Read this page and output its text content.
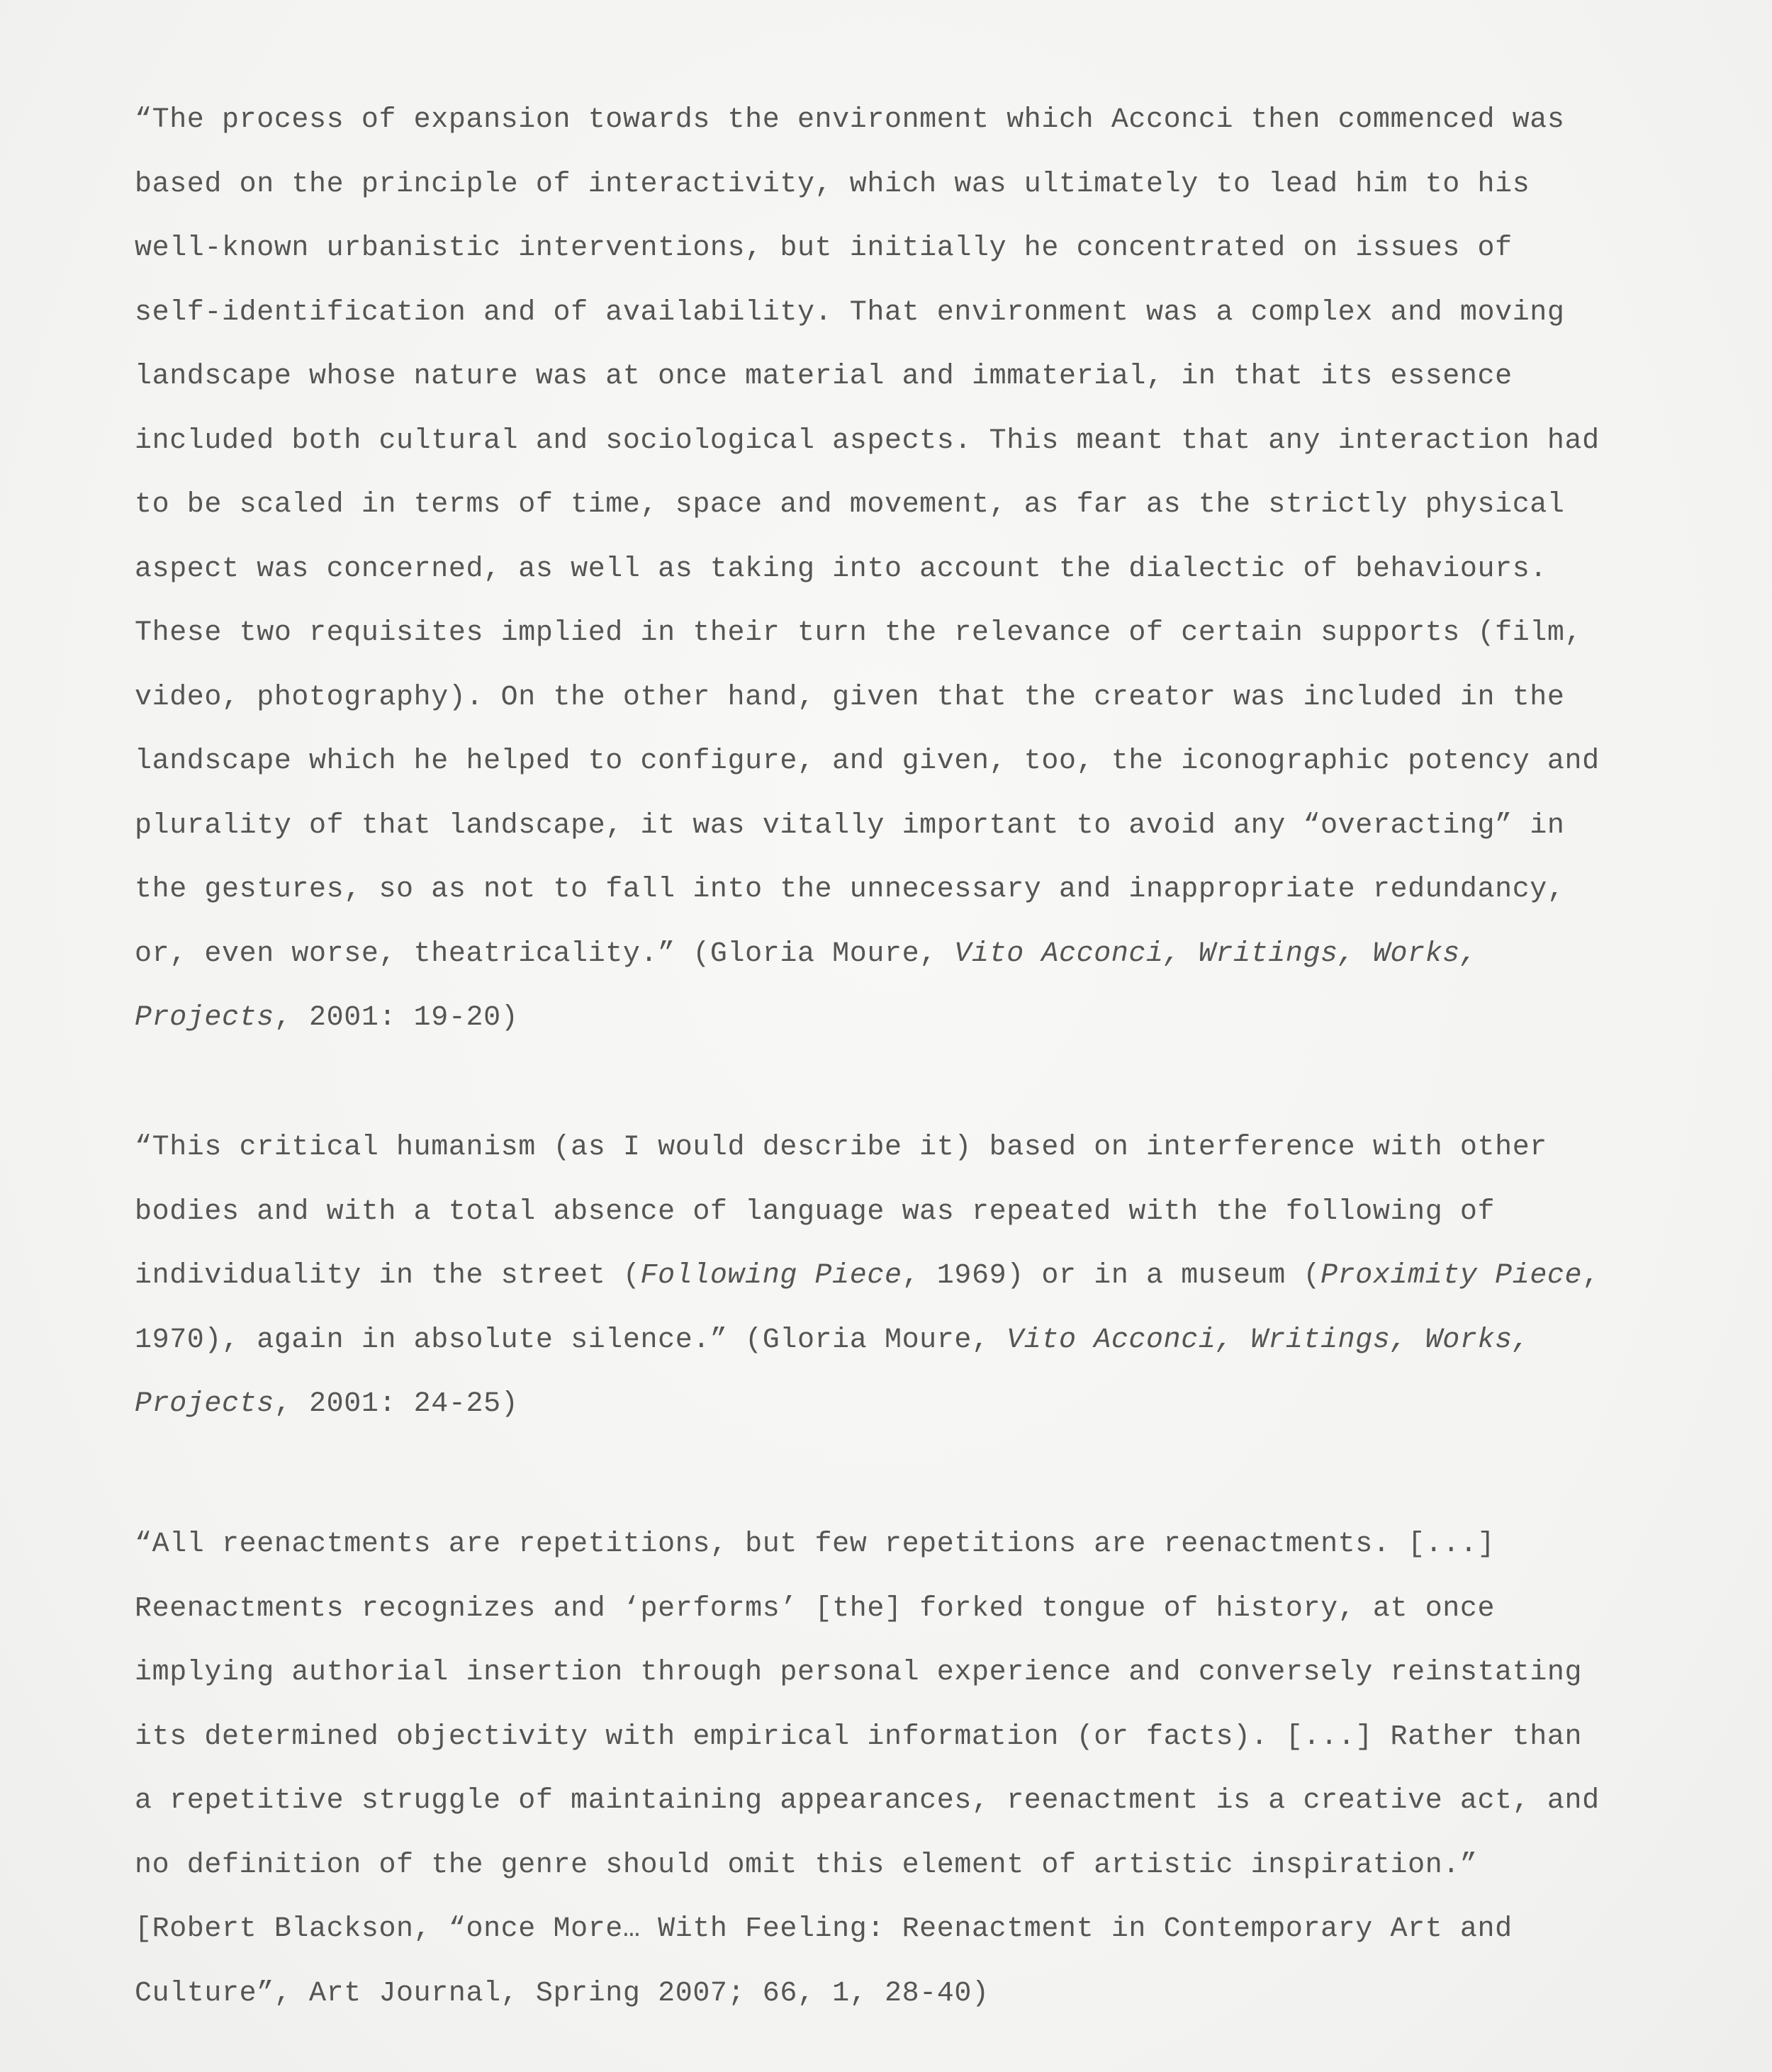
“The process of expansion towards the environment which Acconci then commenced was
based on the principle of interactivity, which was ultimately to lead him to his
well-known urbanistic interventions, but initially he concentrated on issues of
self-identification and of availability. That environment was a complex and moving
landscape whose nature was at once material and immaterial, in that its essence
included both cultural and sociological aspects. This meant that any interaction had
to be scaled in terms of time, space and movement, as far as the strictly physical
aspect was concerned, as well as taking into account the dialectic of behaviours.
These two requisites implied in their turn the relevance of certain supports (film,
video, photography). On the other hand, given that the creator was included in the
landscape which he helped to configure, and given, too, the iconographic potency and
plurality of that landscape, it was vitally important to avoid any “overacting” in
the gestures, so as not to fall into the unnecessary and inappropriate redundancy,
or, even worse, theatricality.” (Gloria Moure, Vito Acconci, Writings, Works,
Projects, 2001: 19-20)
“This critical humanism (as I would describe it) based on interference with other
bodies and with a total absence of language was repeated with the following of
individuality in the street (Following Piece, 1969) or in a museum (Proximity Piece,
1970), again in absolute silence.” (Gloria Moure, Vito Acconci, Writings, Works,
Projects, 2001: 24-25)
“All reenactments are repetitions, but few repetitions are reenactments. [...]
Reenactments recognizes and ‘performs’ [the] forked tongue of history, at once
implying authorial insertion through personal experience and conversely reinstating
its determined objectivity with empirical information (or facts). [...] Rather than
a repetitive struggle of maintaining appearances, reenactment is a creative act, and
no definition of the genre should omit this element of artistic inspiration.”
[Robert Blackson, “once More… With Feeling: Reenactment in Contemporary Art and
Culture”, Art Journal, Spring 2007; 66, 1, 28-40)
